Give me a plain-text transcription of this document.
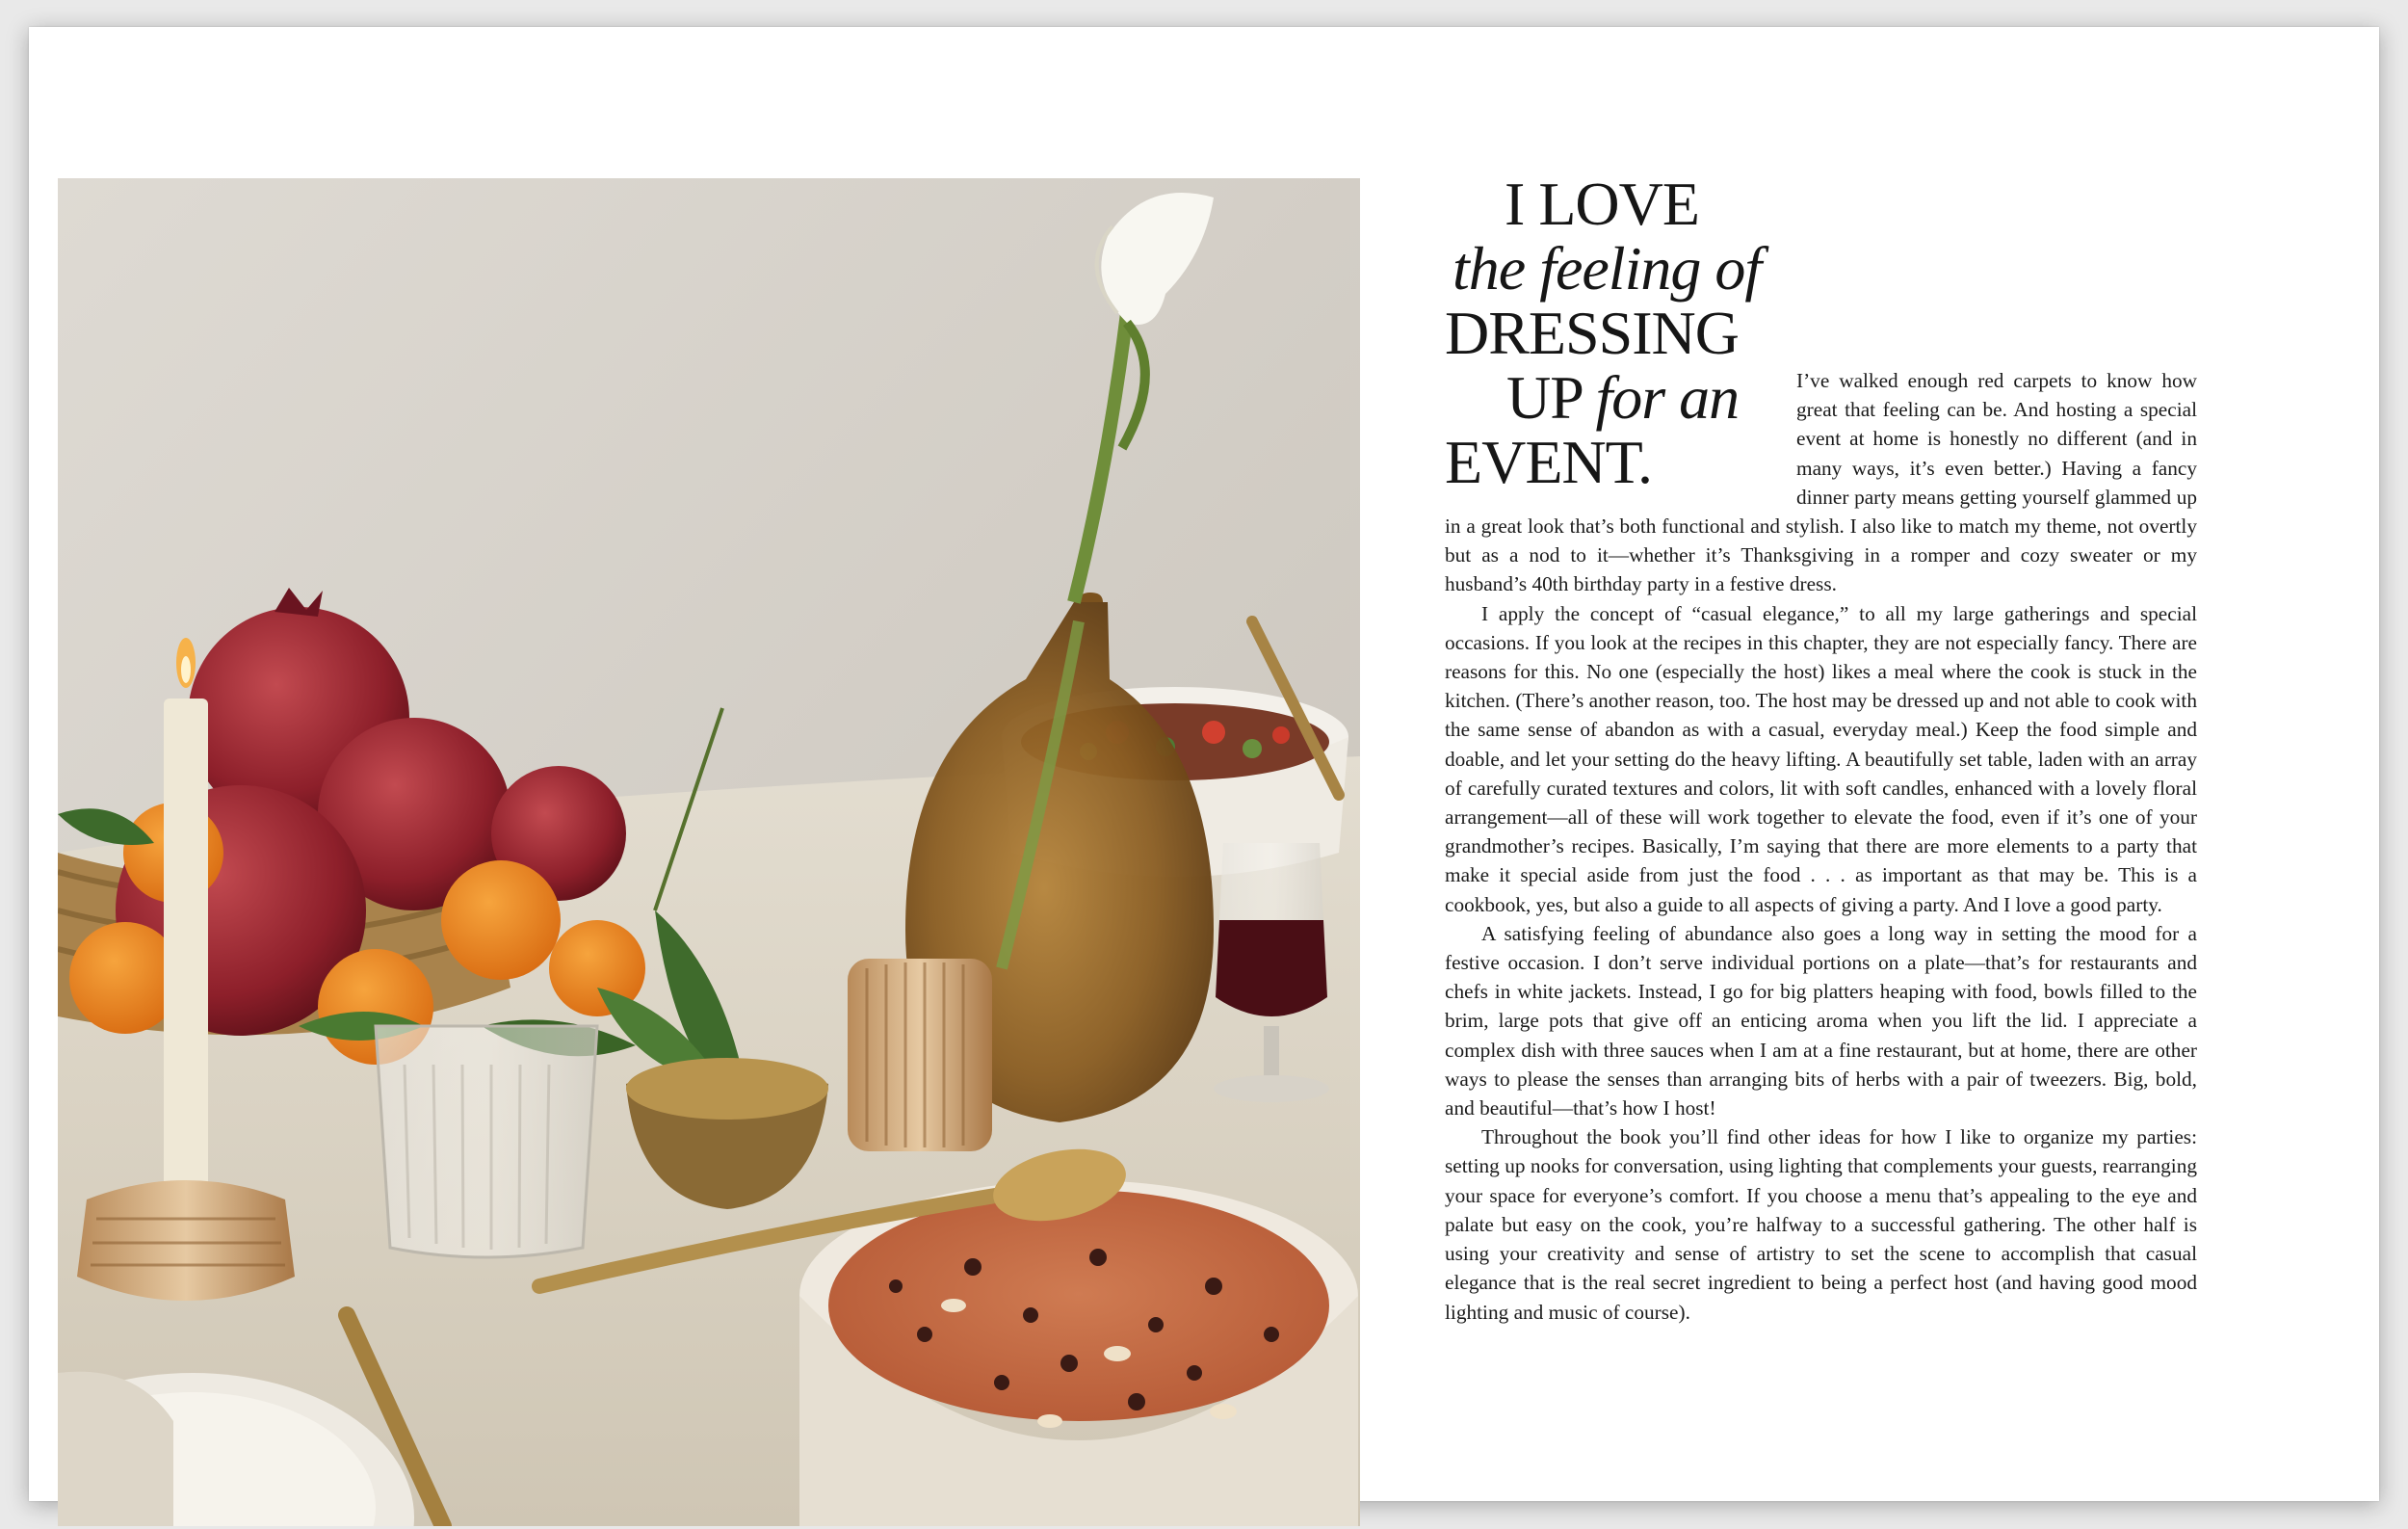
I LOVE
the feeling of
DRESSING
UP for an
EVENT.

I’ve walked enough red carpets to know how great that feeling can be. And hosting a special event at home is honestly no different (and in many ways, it’s even better.) Having a fancy dinner party means getting yourself glammed up in a great look that’s both functional and stylish. I also like to match my theme, not overtly but as a nod to it—whether it’s Thanksgiving in a romper and cozy sweater or my husband’s 40th birthday party in a festive dress.

I apply the concept of “casual elegance,” to all my large gatherings and special occasions. If you look at the recipes in this chapter, they are not especially fancy. There are reasons for this. No one (especially the host) likes a meal where the cook is stuck in the kitchen. (There’s another reason, too. The host may be dressed up and not able to cook with the same sense of abandon as with a casual, everyday meal.) Keep the food simple and doable, and let your setting do the heavy lifting. A beautifully set table, laden with an array of carefully curated textures and colors, lit with soft candles, enhanced with a lovely floral arrangement—all of these will work together to elevate the food, even if it’s one of your grandmother’s recipes. Basically, I’m saying that there are more elements to a party that make it special aside from just the food . . . as important as that may be. This is a cookbook, yes, but also a guide to all aspects of giving a party. And I love a good party.

A satisfying feeling of abundance also goes a long way in setting the mood for a festive occasion. I don’t serve individual portions on a plate—that’s for restaurants and chefs in white jackets. Instead, I go for big platters heaping with food, bowls filled to the brim, large pots that give off an enticing aroma when you lift the lid. I appreciate a complex dish with three sauces when I am at a fine restaurant, but at home, there are other ways to please the senses than arranging bits of herbs with a pair of tweezers. Big, bold, and beautiful—that’s how I host!

Throughout the book you’ll find other ideas for how I like to organize my parties: setting up nooks for conversation, using lighting that complements your guests, rearranging your space for everyone’s comfort. If you choose a menu that’s appealing to the eye and palate but easy on the cook, you’re halfway to a successful gathering. The other half is using your creativity and sense of artistry to set the scene to accomplish that casual elegance that is the real secret ingredient to being a perfect host (and having good mood lighting and music of course).
